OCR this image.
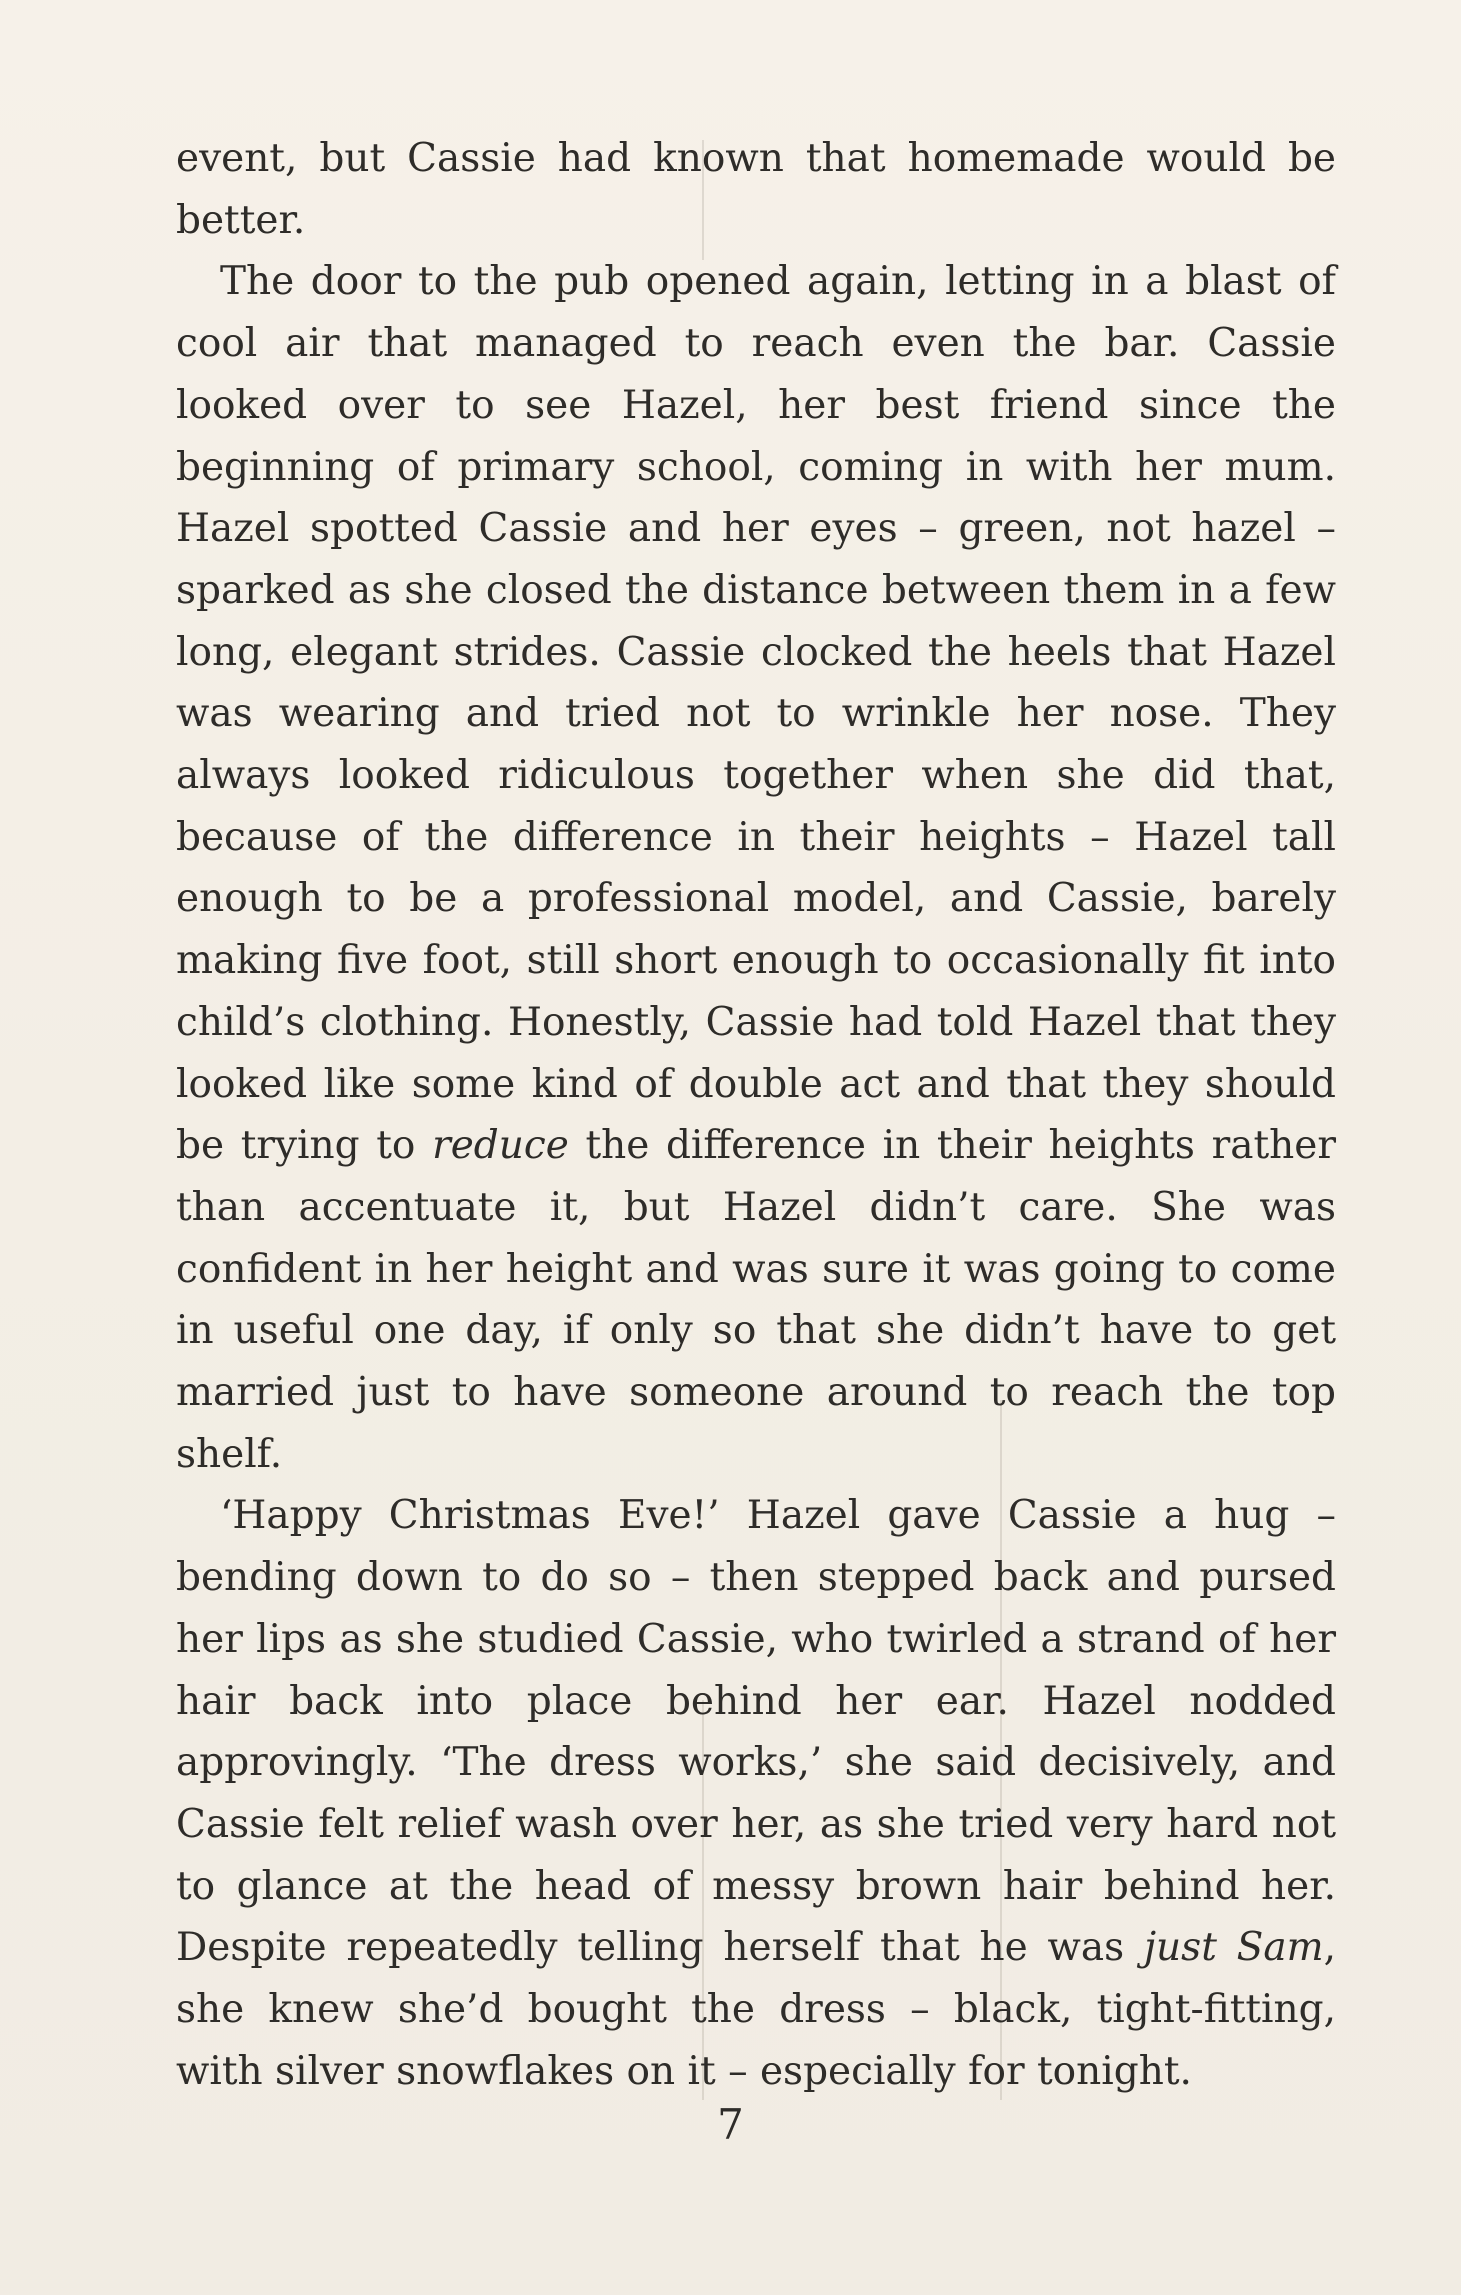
event, but Cassie had known that homemade would be better.

The door to the pub opened again, letting in a blast of cool air that managed to reach even the bar. Cassie looked over to see Hazel, her best friend since the beginning of primary school, coming in with her mum. Hazel spotted Cassie and her eyes – green, not hazel – sparked as she closed the distance between them in a few long, elegant strides. Cassie clocked the heels that Hazel was wearing and tried not to wrinkle her nose. They always looked ridiculous together when she did that, because of the difference in their heights – Hazel tall enough to be a professional model, and Cassie, barely making five foot, still short enough to occasionally fit into child’s clothing. Honestly, Cassie had told Hazel that they looked like some kind of double act and that they should be trying to reduce the difference in their heights rather than accentuate it, but Hazel didn’t care. She was confident in her height and was sure it was going to come in useful one day, if only so that she didn’t have to get married just to have someone around to reach the top shelf.

‘Happy Christmas Eve!’ Hazel gave Cassie a hug – bending down to do so – then stepped back and pursed her lips as she studied Cassie, who twirled a strand of her hair back into place behind her ear. Hazel nodded approvingly. ‘The dress works,’ she said decisively, and Cassie felt relief wash over her, as she tried very hard not to glance at the head of messy brown hair behind her. Despite repeatedly telling herself that he was just Sam, she knew she’d bought the dress – black, tight-fitting, with silver snowflakes on it – especially for tonight.

7
